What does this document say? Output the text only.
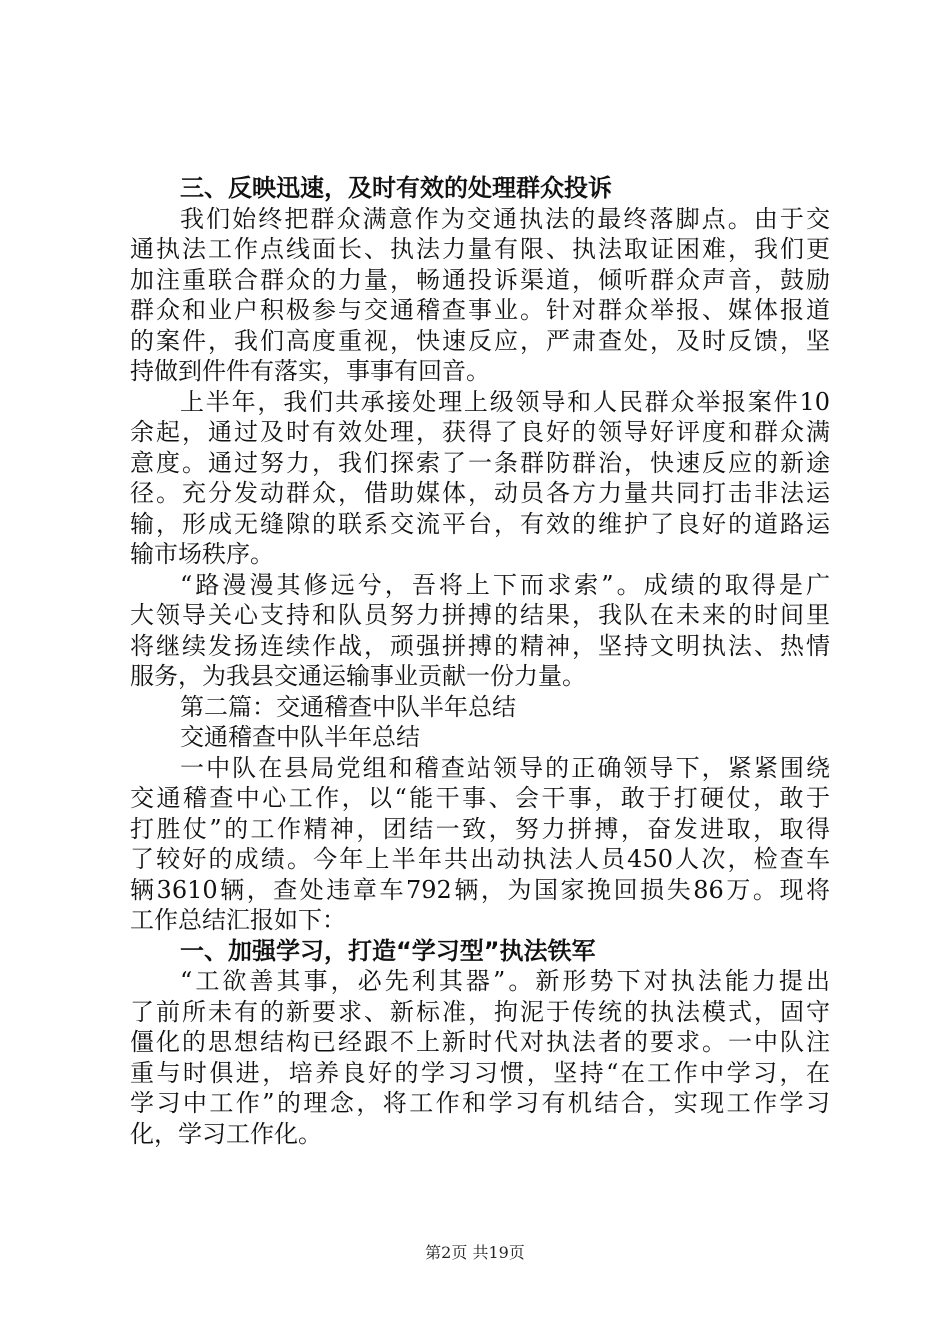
三、反映迅速，及时有效的处理群众投诉
我们始终把群众满意作为交通执法的最终落脚点。由于交
通执法工作点线面长、执法力量有限、执法取证困难，我们更
加注重联合群众的力量，畅通投诉渠道，倾听群众声音，鼓励
群众和业户积极参与交通稽查事业。针对群众举报、媒体报道
的案件，我们高度重视，快速反应，严肃查处，及时反馈，坚
持做到件件有落实，事事有回音。
上半年，我们共承接处理上级领导和人民群众举报案件10
余起，通过及时有效处理，获得了良好的领导好评度和群众满
意度。通过努力，我们探索了一条群防群治，快速反应的新途
径。充分发动群众，借助媒体，动员各方力量共同打击非法运
输，形成无缝隙的联系交流平台，有效的维护了良好的道路运
输市场秩序。
“路漫漫其修远兮，吾将上下而求索”。成绩的取得是广
大领导关心支持和队员努力拼搏的结果，我队在未来的时间里
将继续发扬连续作战，顽强拼搏的精神，坚持文明执法、热情
服务，为我县交通运输事业贡献一份力量。
第二篇：交通稽查中队半年总结
交通稽查中队半年总结
一中队在县局党组和稽查站领导的正确领导下，紧紧围绕
交通稽查中心工作，以“能干事、会干事，敢于打硬仗，敢于
打胜仗”的工作精神，团结一致，努力拼搏，奋发进取，取得
了较好的成绩。今年上半年共出动执法人员450人次，检查车
辆3610辆，查处违章车792辆，为国家挽回损失86万。现将
工作总结汇报如下：
一、加强学习，打造“学习型”执法铁军
“工欲善其事，必先利其器”。新形势下对执法能力提出
了前所未有的新要求、新标准，拘泥于传统的执法模式，固守
僵化的思想结构已经跟不上新时代对执法者的要求。一中队注
重与时俱进，培养良好的学习习惯，坚持“在工作中学习，在
学习中工作”的理念，将工作和学习有机结合，实现工作学习
化，学习工作化。
第2页 共19页
